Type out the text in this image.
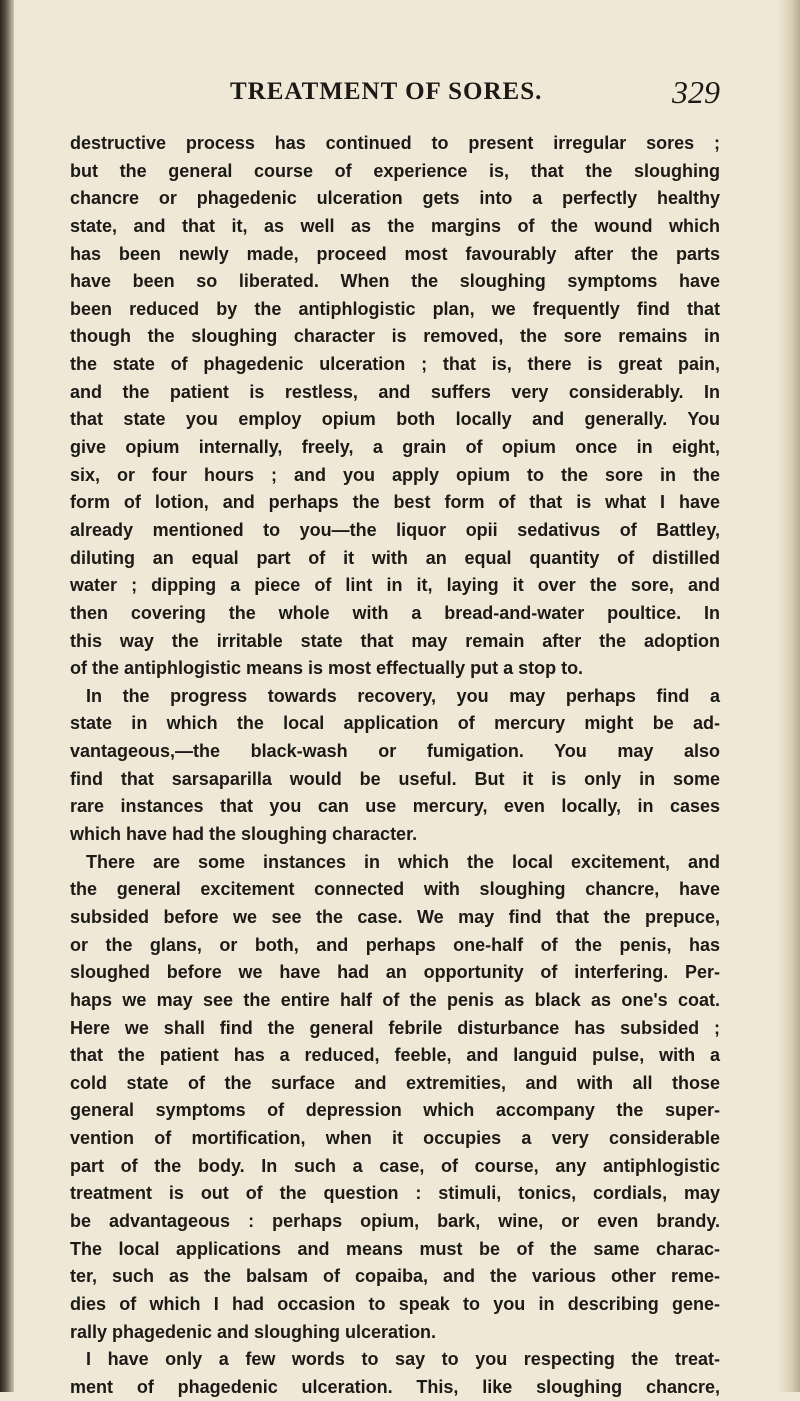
TREATMENT OF SORES.	329
destructive process has continued to present irregular sores ;
but the general course of experience is, that the sloughing
chancre or phagedenic ulceration gets into a perfectly healthy
state, and that it, as well as the margins of the wound which
has been newly made, proceed most favourably after the parts
have been so liberated. When the sloughing symptoms have
been reduced by the antiphlogistic plan, we frequently find that
though the sloughing character is removed, the sore remains in
the state of phagedenic ulceration ; that is, there is great pain,
and the patient is restless, and suffers very considerably. In
that state you employ opium both locally and generally. You
give opium internally, freely, a grain of opium once in eight,
six, or four hours ; and you apply opium to the sore in the
form of lotion, and perhaps the best form of that is what I have
already mentioned to you—the liquor opii sedativus of Battley,
diluting an equal part of it with an equal quantity of distilled
water ; dipping a piece of lint in it, laying it over the sore, and
then covering the whole with a bread-and-water poultice. In
this way the irritable state that may remain after the adoption
of the antiphlogistic means is most effectually put a stop to.
In the progress towards recovery, you may perhaps find a
state in which the local application of mercury might be ad-
vantageous,—the black-wash or fumigation. You may also
find that sarsaparilla would be useful. But it is only in some
rare instances that you can use mercury, even locally, in cases
which have had the sloughing character.
There are some instances in which the local excitement, and
the general excitement connected with sloughing chancre, have
subsided before we see the case. We may find that the prepuce,
or the glans, or both, and perhaps one-half of the penis, has
sloughed before we have had an opportunity of interfering. Per-
haps we may see the entire half of the penis as black as one's coat.
Here we shall find the general febrile disturbance has subsided ;
that the patient has a reduced, feeble, and languid pulse, with a
cold state of the surface and extremities, and with all those
general symptoms of depression which accompany the super-
vention of mortification, when it occupies a very considerable
part of the body. In such a case, of course, any antiphlogistic
treatment is out of the question : stimuli, tonics, cordials, may
be advantageous : perhaps opium, bark, wine, or even brandy.
The local applications and means must be of the same charac-
ter, such as the balsam of copaiba, and the various other reme-
dies of which I had occasion to speak to you in describing gene-
rally phagedenic and sloughing ulceration.
I have only a few words to say to you respecting the treat-
ment of phagedenic ulceration. This, like sloughing chancre,
